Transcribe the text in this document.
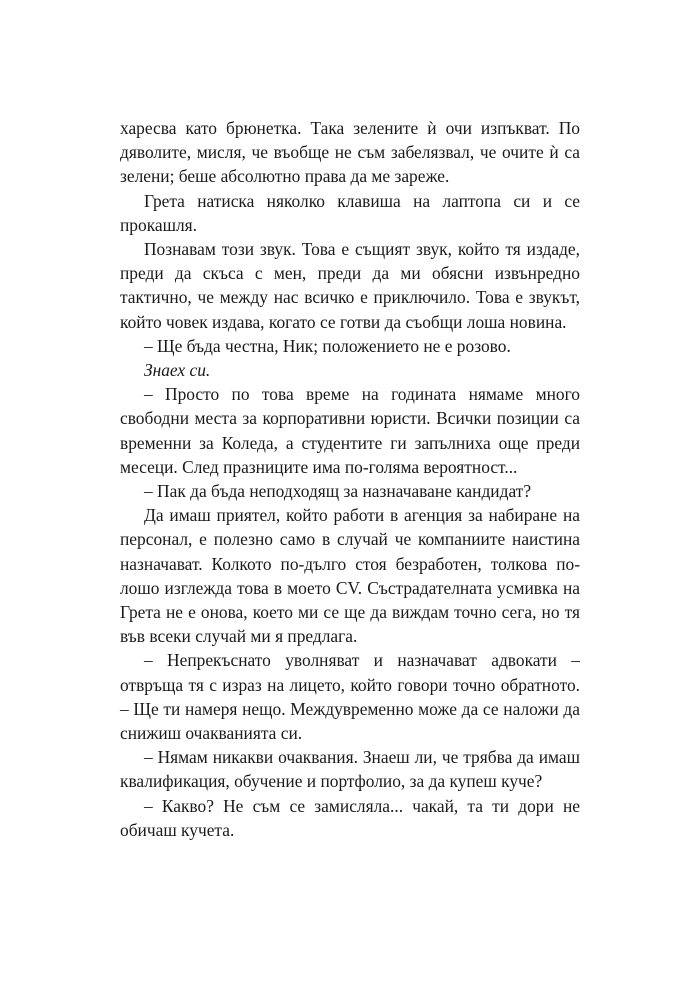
харесва като брюнетка. Така зелените ѝ очи изпъкват. По дяволите, мисля, че въобще не съм забелязвал, че очите ѝ са зелени; беше абсолютно права да ме зареже.

Грета натиска няколко клавиша на лаптопа си и се прокашля.

Познавам този звук. Това е същият звук, който тя издаде, преди да скъса с мен, преди да ми обясни извънредно тактично, че между нас всичко е приключило. Това е звукът, който човек издава, когато се готви да съобщи лоша новина.

– Ще бъда честна, Ник; положението не е розово.

Знаех си.

– Просто по това време на годината нямаме много свободни места за корпоративни юристи. Всички позиции са временни за Коледа, а студентите ги запълниха още преди месеци. След празниците има по-голяма вероятност...

– Пак да бъда неподходящ за назначаване кандидат?

Да имаш приятел, който работи в агенция за набиране на персонал, е полезно само в случай че компаниите наистина назначават. Колкото по-дълго стоя безработен, толкова по-лошо изглежда това в моето CV. Състрадателната усмивка на Грета не е онова, което ми се ще да виждам точно сега, но тя във всеки случай ми я предлага.

– Непрекъснато уволняват и назначават адвокати – отвръща тя с израз на лицето, който говори точно обратното. – Ще ти намеря нещо. Междувременно може да се наложи да снижиш очакванията си.

– Нямам никакви очаквания. Знаеш ли, че трябва да имаш квалификация, обучение и портфолио, за да купеш куче?

– Какво? Не съм се замисляла... чакай, та ти дори не обичаш кучета.
